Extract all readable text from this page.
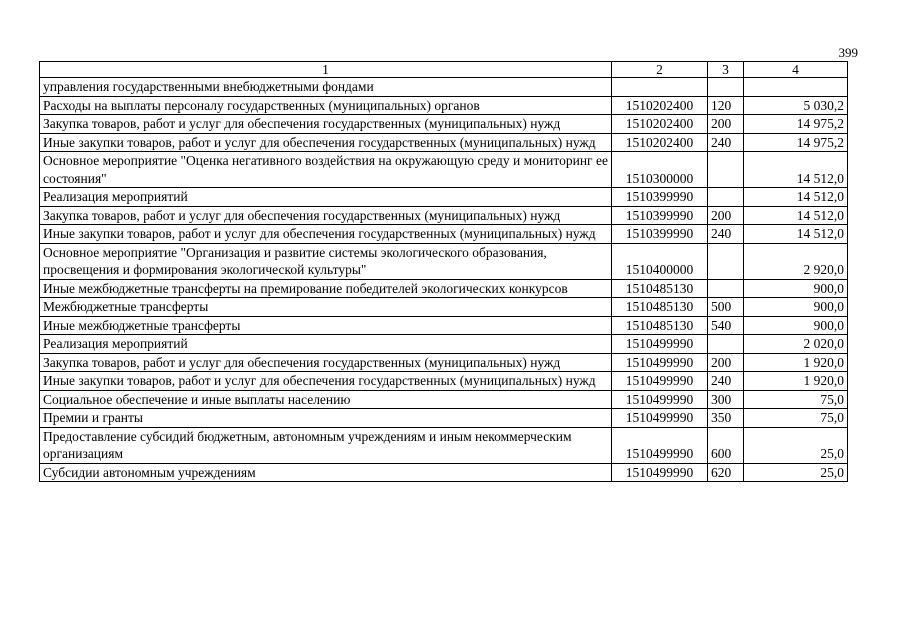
399
1	2	3	4
управления государственными внебюджетными фондами			
Расходы на выплаты персоналу государственных (муниципальных) органов	1510202400	120	5 030,2
Закупка товаров, работ и услуг для обеспечения государственных (муниципальных) нужд	1510202400	200	14 975,2
Иные закупки товаров, работ и услуг для обеспечения государственных (муниципальных) нужд	1510202400	240	14 975,2
Основное мероприятие "Оценка негативного воздействия на окружающую среду и мониторинг ее состояния"	1510300000		14 512,0
Реализация мероприятий	1510399990		14 512,0
Закупка товаров, работ и услуг для обеспечения государственных (муниципальных) нужд	1510399990	200	14 512,0
Иные закупки товаров, работ и услуг для обеспечения государственных (муниципальных) нужд	1510399990	240	14 512,0
Основное мероприятие "Организация и развитие системы экологического образования, просвещения и формирования экологической культуры"	1510400000		2 920,0
Иные межбюджетные трансферты на премирование победителей экологических конкурсов	1510485130		900,0
Межбюджетные трансферты	1510485130	500	900,0
Иные межбюджетные трансферты	1510485130	540	900,0
Реализация мероприятий	1510499990		2 020,0
Закупка товаров, работ и услуг для обеспечения государственных (муниципальных) нужд	1510499990	200	1 920,0
Иные закупки товаров, работ и услуг для обеспечения государственных (муниципальных) нужд	1510499990	240	1 920,0
Социальное обеспечение и иные выплаты населению	1510499990	300	75,0
Премии и гранты	1510499990	350	75,0
Предоставление субсидий бюджетным, автономным учреждениям и иным некоммерческим организациям	1510499990	600	25,0
Субсидии автономным учреждениям	1510499990	620	25,0
